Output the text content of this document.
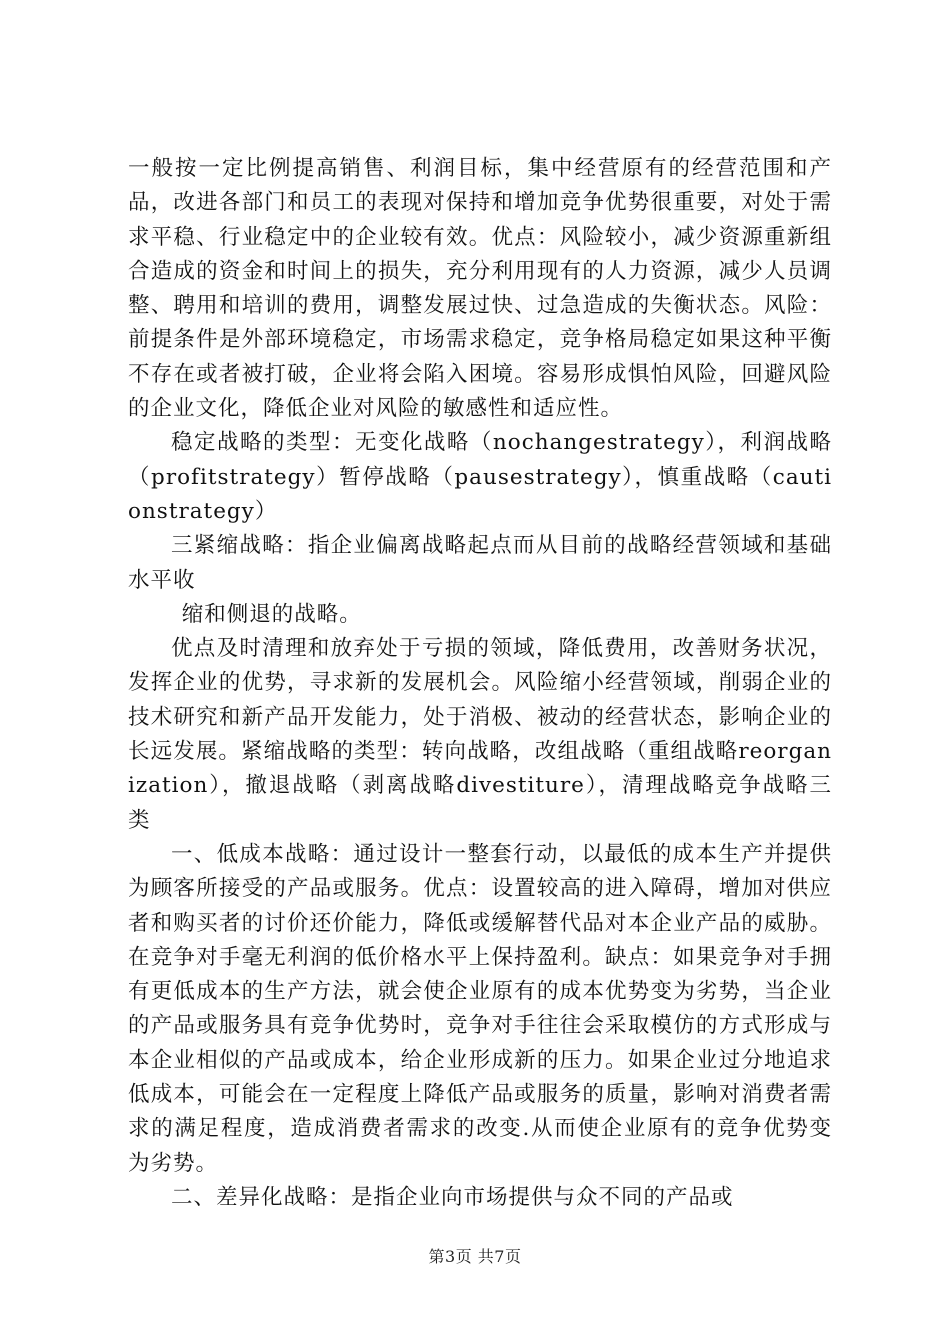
一般按一定比例提高销售、利润目标，集中经营原有的经营范围和产品，改进各部门和员工的表现对保持和增加竞争优势很重要，对处于需求平稳、行业稳定中的企业较有效。优点：风险较小，减少资源重新组合造成的资金和时间上的损失，充分利用现有的人力资源，减少人员调整、聘用和培训的费用，调整发展过快、过急造成的失衡状态。风险：前提条件是外部环境稳定，市场需求稳定，竞争格局稳定如果这种平衡不存在或者被打破，企业将会陷入困境。容易形成惧怕风险，回避风险的企业文化，降低企业对风险的敏感性和适应性。

稳定战略的类型：无变化战略（nochangestrategy），利润战略（profitstrategy）暂停战略（pausestrategy），慎重战略（cautionstrategy）

三紧缩战略：指企业偏离战略起点而从目前的战略经营领域和基础水平收

缩和侧退的战略。

优点及时清理和放弃处于亏损的领域，降低费用，改善财务状况，发挥企业的优势，寻求新的发展机会。风险缩小经营领域，削弱企业的技术研究和新产品开发能力，处于消极、被动的经营状态，影响企业的长远发展。紧缩战略的类型：转向战略，改组战略（重组战略reorganization），撤退战略（剥离战略divestiture），清理战略竞争战略三类

一、低成本战略：通过设计一整套行动，以最低的成本生产并提供为顾客所接受的产品或服务。优点：设置较高的进入障碍，增加对供应者和购买者的讨价还价能力，降低或缓解替代品对本企业产品的威胁。在竞争对手毫无利润的低价格水平上保持盈利。缺点：如果竞争对手拥有更低成本的生产方法，就会使企业原有的成本优势变为劣势，当企业的产品或服务具有竞争优势时，竞争对手往往会采取模仿的方式形成与本企业相似的产品或成本，给企业形成新的压力。如果企业过分地追求低成本，可能会在一定程度上降低产品或服务的质量，影响对消费者需求的满足程度，造成消费者需求的改变.从而使企业原有的竞争优势变为劣势。

二、差异化战略：是指企业向市场提供与众不同的产品或

第3页 共7页
